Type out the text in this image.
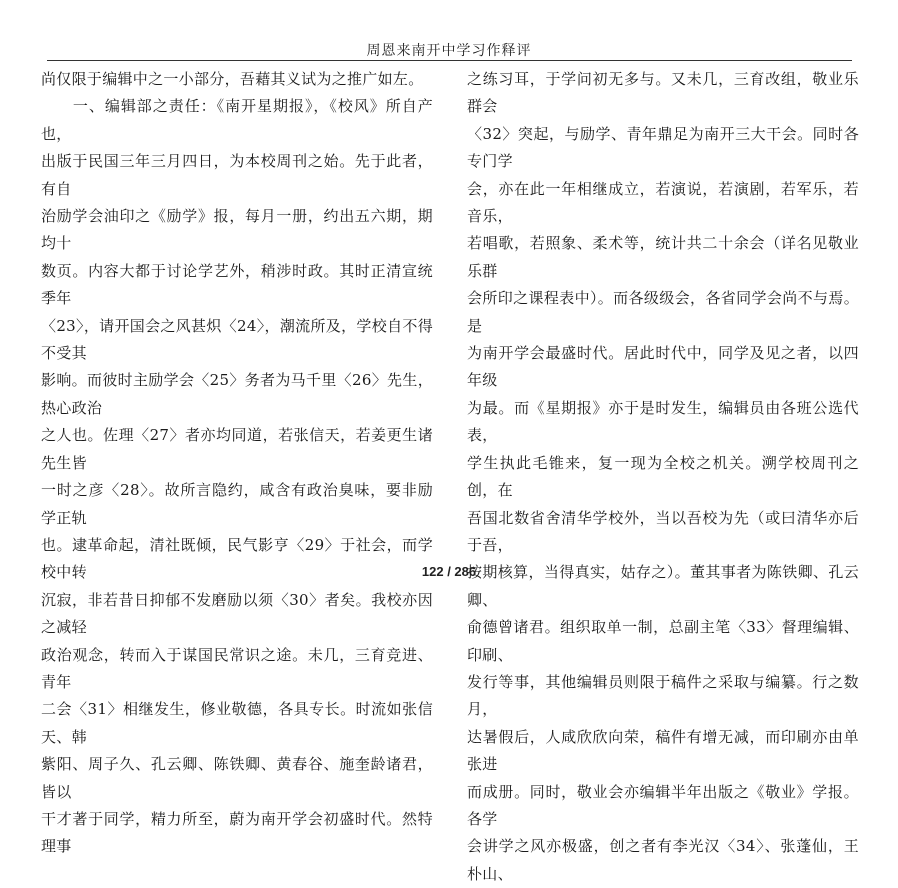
周恩来南开中学习作释评

尚仅限于编辑中之一小部分，吾藉其义试为之推广如左。

　　一、编辑部之责任：《南开星期报》，《校风》所自产也，

出版于民国三年三月四日，为本校周刊之始。先于此者，有自

治励学会油印之《励学》报，每月一册，约出五六期，期均十

数页。内容大都于讨论学艺外，稍涉时政。其时正清宣统季年

〈23〉，请开国会之风甚炽〈24〉，潮流所及，学校自不得不受其

影响。而彼时主励学会〈25〉务者为马千里〈26〉先生，热心政治

之人也。佐理〈27〉者亦均同道，若张信天，若姜更生诸先生皆

一时之彦〈28〉。故所言隐约，咸含有政治臭味，要非励学正轨

也。逮革命起，清社既倾，民气影亨〈29〉于社会，而学校中转

沉寂，非若昔日抑郁不发磨励以须〈30〉者矣。我校亦因之减轻

政治观念，转而入于谋国民常识之途。未几，三育竞进、青年

二会〈31〉相继发生，修业敬德，各具专长。时流如张信天、韩

紫阳、周子久、孔云卿、陈铁卿、黄春谷、施奎龄诸君，皆以

干才著于同学，精力所至，蔚为南开学会初盛时代。然特理事

之练习耳，于学问初无多与。又未几，三育改组，敬业乐群会

〈32〉突起，与励学、青年鼎足为南开三大干会。同时各专门学

会，亦在此一年相继成立，若演说，若演剧，若军乐，若音乐，

若唱歌，若照象、柔术等，统计共二十余会（详名见敬业乐群

会所印之课程表中）。而各级级会，各省同学会尚不与焉。是

为南开学会最盛时代。居此时代中，同学及见之者，以四年级

为最。而《星期报》亦于是时发生，编辑员由各班公选代表，

学生执此毛锥来，复一现为全校之机关。溯学校周刊之创，在

吾国北数省舍清华学校外，当以吾校为先（或曰清华亦后于吾，

按期核算，当得真实，姑存之）。董其事者为陈铁卿、孔云卿、

俞德曾诸君。组织取单一制，总副主笔〈33〉督理编辑、印刷、

发行等事，其他编辑员则限于稿件之采取与编纂。行之数月，

达暑假后，人咸欣欣向荣，稿件有增无减，而印刷亦由单张进

而成册。同时，敬业会亦编辑半年出版之《敬业》学报。各学

会讲学之风亦极盛，创之者有李光汉〈34〉、张蓬仙，王朴山、

122 / 286
